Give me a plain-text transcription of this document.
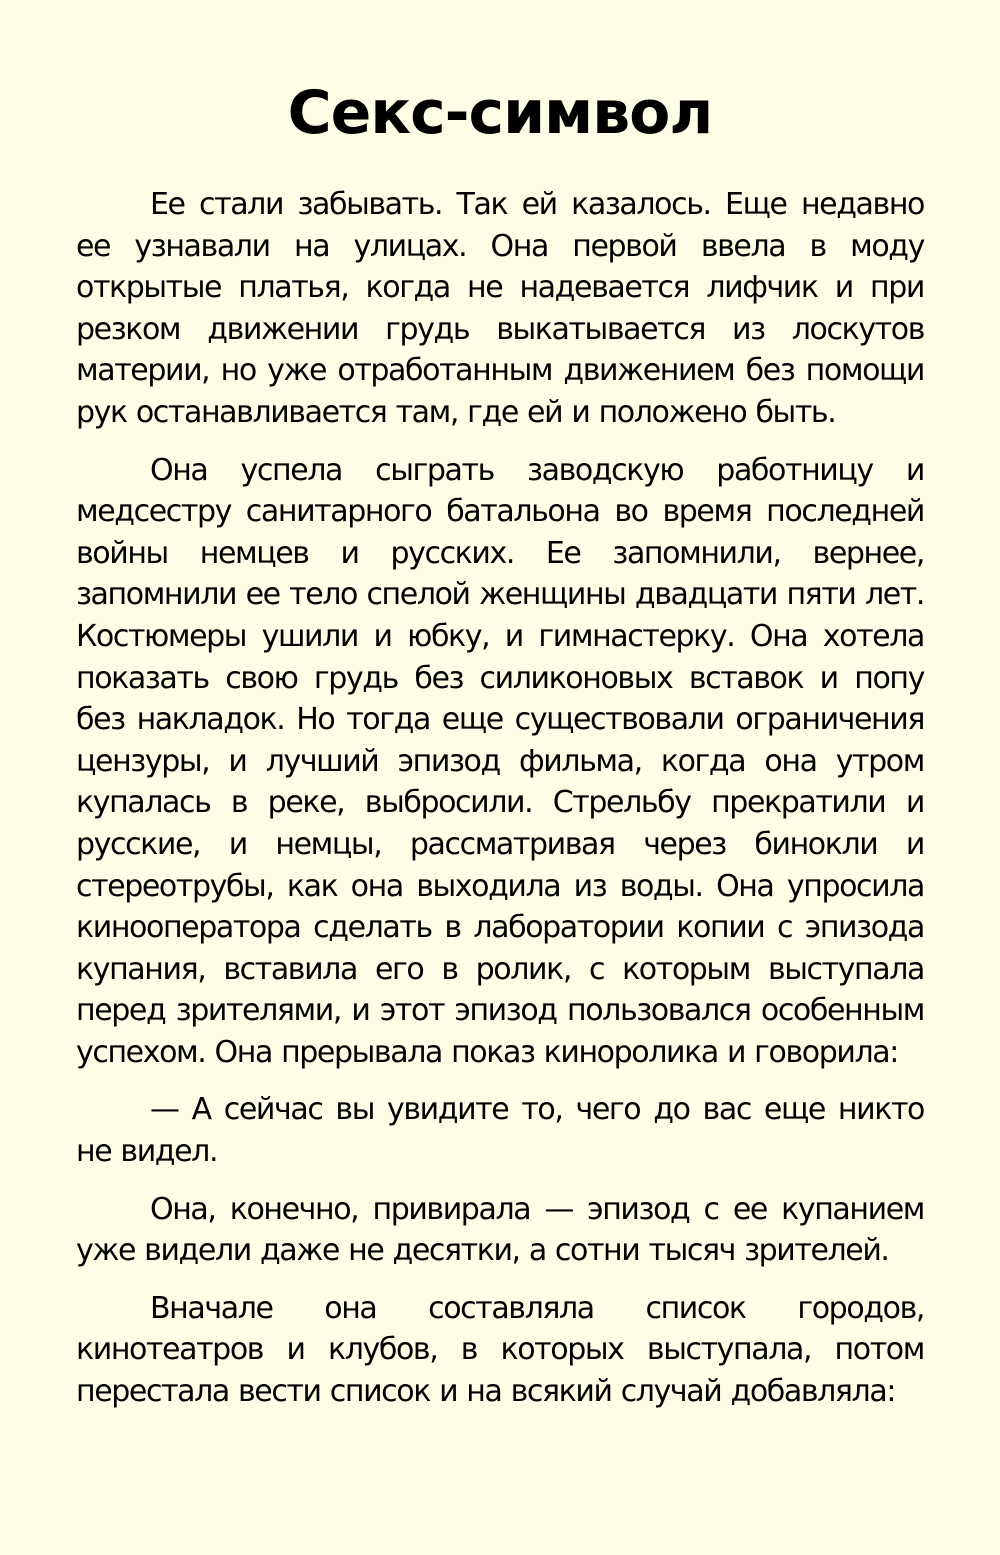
Секс-символ

Ее стали забывать. Так ей казалось. Еще недавно ее узнавали на улицах. Она первой ввела в моду открытые платья, когда не надевается лифчик и при резком движении грудь выкатывается из лоскутов материи, но уже отработанным движением без помощи рук останавливается там, где ей и положено быть.

Она успела сыграть заводскую работницу и медсестру санитарного батальона во время последней войны немцев и русских. Ее запомнили, вернее, запомнили ее тело спелой женщины двадцати пяти лет. Костюмеры ушили и юбку, и гимнастерку. Она хотела показать свою грудь без силиконовых вставок и попу без накладок. Но тогда еще существовали ограничения цензуры, и лучший эпизод фильма, когда она утром купалась в реке, выбросили. Стрельбу прекратили и русские, и немцы, рассматривая через бинокли и стереотрубы, как она выходила из воды. Она упросила кинооператора сделать в лаборатории копии с эпизода купания, вставила его в ролик, с которым выступала перед зрителями, и этот эпизод пользовался особенным успехом. Она прерывала показ киноролика и говорила:

— А сейчас вы увидите то, чего до вас еще никто не видел.

Она, конечно, привирала — эпизод с ее купанием уже видели даже не десятки, а сотни тысяч зрителей.

Вначале она составляла список городов, кинотеатров и клубов, в которых выступала, потом перестала вести список и на всякий случай добавляла:
